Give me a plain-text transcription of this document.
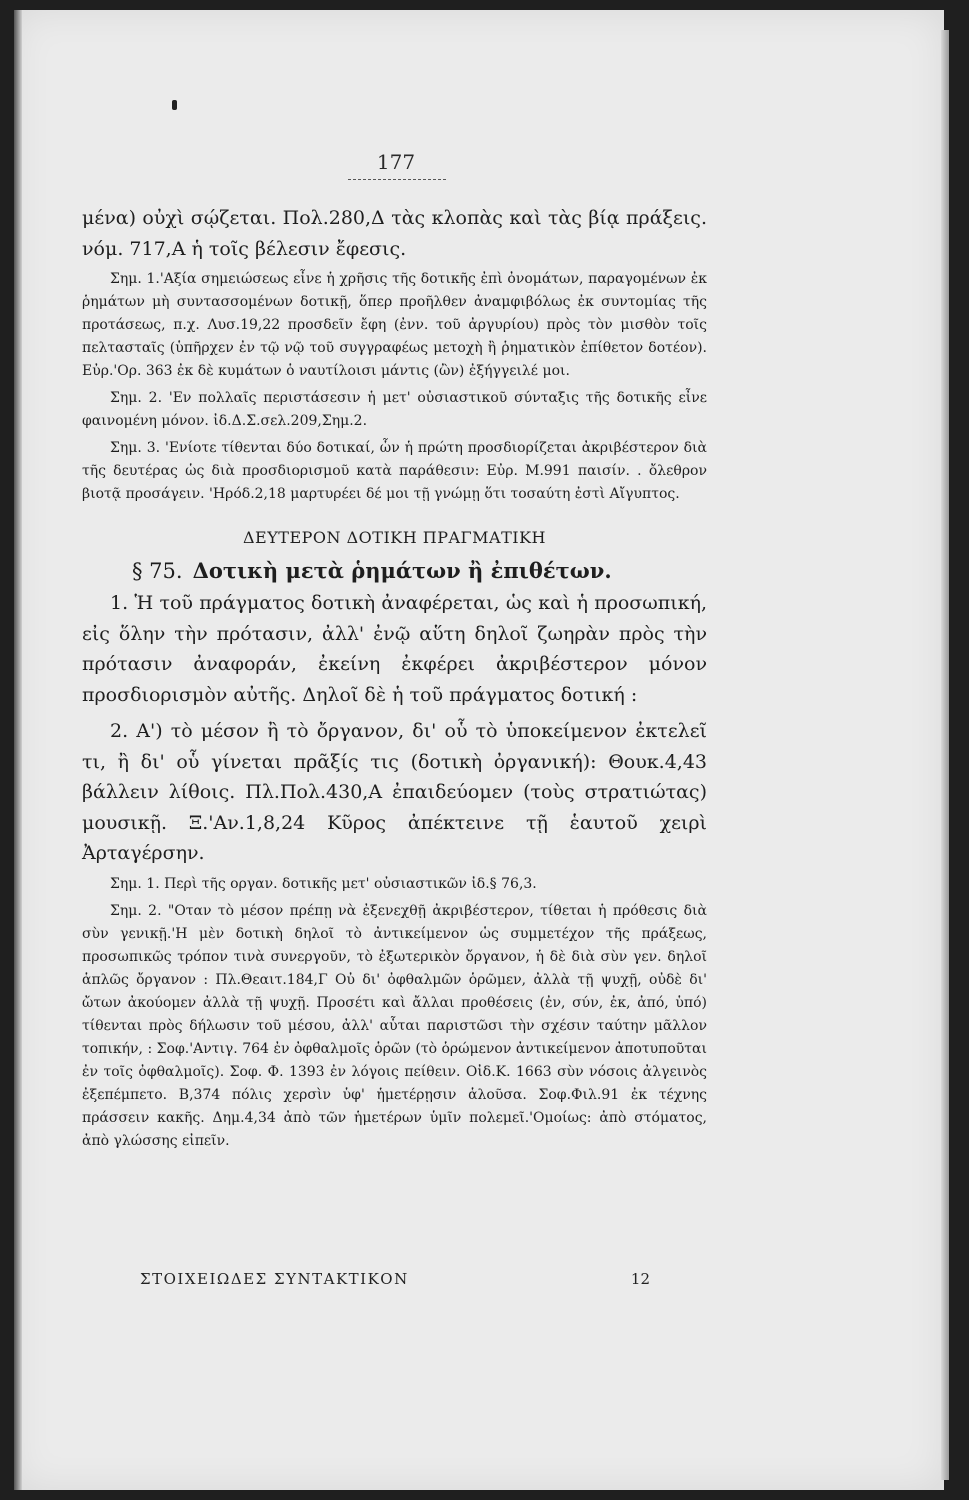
177

μένα) οὐχὶ σῴζεται. Πολ.280,Δ τὰς κλοπὰς καὶ τὰς βίᾳ πράξεις. νόμ. 717,Α ἡ τοῖς βέλεσιν ἔφεσις.

Σημ. 1.'Αξία σημειώσεως εἶνε ἡ χρῆσις τῆς δοτικῆς ἐπὶ ὀνομάτων, παραγομένων ἐκ ῥημάτων μὴ συντασσομένων δοτικῇ, ὅπερ προῆλθεν ἀναμφιβόλως ἐκ συντομίας τῆς προτάσεως, π.χ. Λυσ.19,22 προσδεῖν ἔφη (ἐνν. τοῦ ἀργυρίου) πρὸς τὸν μισθὸν τοῖς πελτασταῖς (ὑπῆρχεν ἐν τῷ νῷ τοῦ συγγραφέως μετοχὴ ἢ ῥηματικὸν ἐπίθετον δοτέον). Εὐρ.'Ορ. 363 ἐκ δὲ κυμάτων ὁ ναυτίλοισι μάντις (ὢν) ἐξήγγειλέ μοι.

Σημ. 2. 'Εν πολλαῖς περιστάσεσιν ἡ μετ' οὐσιαστικοῦ σύνταξις τῆς δοτικῆς εἶνε φαινομένη μόνον. ἰδ.Δ.Σ.σελ.209,Σημ.2.

Σημ. 3. 'Ενίοτε τίθενται δύο δοτικαί, ὧν ἡ πρώτη προσδιορίζεται ἀκριβέστερον διὰ τῆς δευτέρας ὡς διὰ προσδιορισμοῦ κατὰ παράθεσιν: Εὐρ. Μ.991 παισίν. . ὄλεθρον βιοτᾷ προσάγειν. 'Ηρόδ.2,18 μαρτυρέει δέ μοι τῇ γνώμῃ ὅτι τοσαύτη ἐστὶ Αἴγυπτος.

ΔΕΥΤΕΡΟΝ ΔΟΤΙΚΗ ΠΡΑΓΜΑΤΙΚΗ
§ 75. Δοτικὴ μετὰ ῥημάτων ἢ ἐπιθέτων.

1. Ἡ τοῦ πράγματος δοτικὴ ἀναφέρεται, ὡς καὶ ἡ προσωπική, εἰς ὅλην τὴν πρότασιν, ἀλλ' ἐνῷ αὕτη δηλοῖ ζωηρὰν πρὸς τὴν πρότασιν ἀναφοράν, ἐκείνη ἐκφέρει ἀκριβέστερον μόνον προσδιορισμὸν αὐτῆς. Δηλοῖ δὲ ἡ τοῦ πράγματος δοτική :

2. Α') τὸ μέσον ἢ τὸ ὄργανον, δι' οὗ τὸ ὑποκείμενον ἐκτελεῖ τι, ἢ δι' οὗ γίνεται πρᾶξίς τις (δοτικὴ ὀργανική): Θουκ.4,43 βάλλειν λίθοις. Πλ.Πολ.430,Α ἐπαιδεύομεν (τοὺς στρατιώτας) μουσικῇ. Ξ.'Αν.1,8,24 Κῦρος ἀπέκτεινε τῇ ἑαυτοῦ χειρὶ Ἀρταγέρσην.

Σημ. 1. Περὶ τῆς οργαν. δοτικῆς μετ' οὐσιαστικῶν ἰδ.§ 76,3.

Σημ. 2. "Οταν τὸ μέσον πρέπῃ νὰ ἐξενεχθῇ ἀκριβέστερον, τίθεται ἡ πρόθεσις διὰ σὺν γενικῇ.'Η μὲν δοτικὴ δηλοῖ τὸ ἀντικείμενον ὡς συμμετέχον τῆς πράξεως, προσωπικῶς τρόπον τινὰ συνεργοῦν, τὸ ἐξωτερικὸν ὄργανον, ἡ δὲ διὰ σὺν γεν. δηλοῖ ἁπλῶς ὄργανον : Πλ.Θεαιτ.184,Γ Οὐ δι' ὀφθαλμῶν ὁρῶμεν, ἀλλὰ τῇ ψυχῇ, οὐδὲ δι' ὤτων ἀκούομεν ἀλλὰ τῇ ψυχῇ. Προσέτι καὶ ἄλλαι προθέσεις (ἐν, σύν, ἐκ, ἀπό, ὑπό) τίθενται πρὸς δήλωσιν τοῦ μέσου, ἀλλ' αὗται παριστῶσι τὴν σχέσιν ταύτην μᾶλλον τοπικήν, : Σοφ.'Αντιγ. 764 ἐν ὀφθαλμοῖς ὁρῶν (τὸ ὁρώμενον ἀντικείμενον ἀποτυποῦται ἐν τοῖς ὀφθαλμοῖς). Σοφ. Φ. 1393 ἐν λόγοις πείθειν. Οἰδ.Κ. 1663 σὺν νόσοις ἀλγεινὸς ἐξεπέμπετο. Β,374 πόλις χερσὶν ὑφ' ἡμετέρῃσιν ἁλοῦσα. Σοφ.Φιλ.91 ἐκ τέχνης πράσσειν κακῆς. Δημ.4,34 ἀπὸ τῶν ἡμετέρων ὑμῖν πολεμεῖ.'Ομοίως: ἀπὸ στόματος, ἀπὸ γλώσσης εἰπεῖν.

ΣΤΟΙΧΕΙΩΔΕΣ ΣΥΝΤΑΚΤΙΚΟΝ	12
